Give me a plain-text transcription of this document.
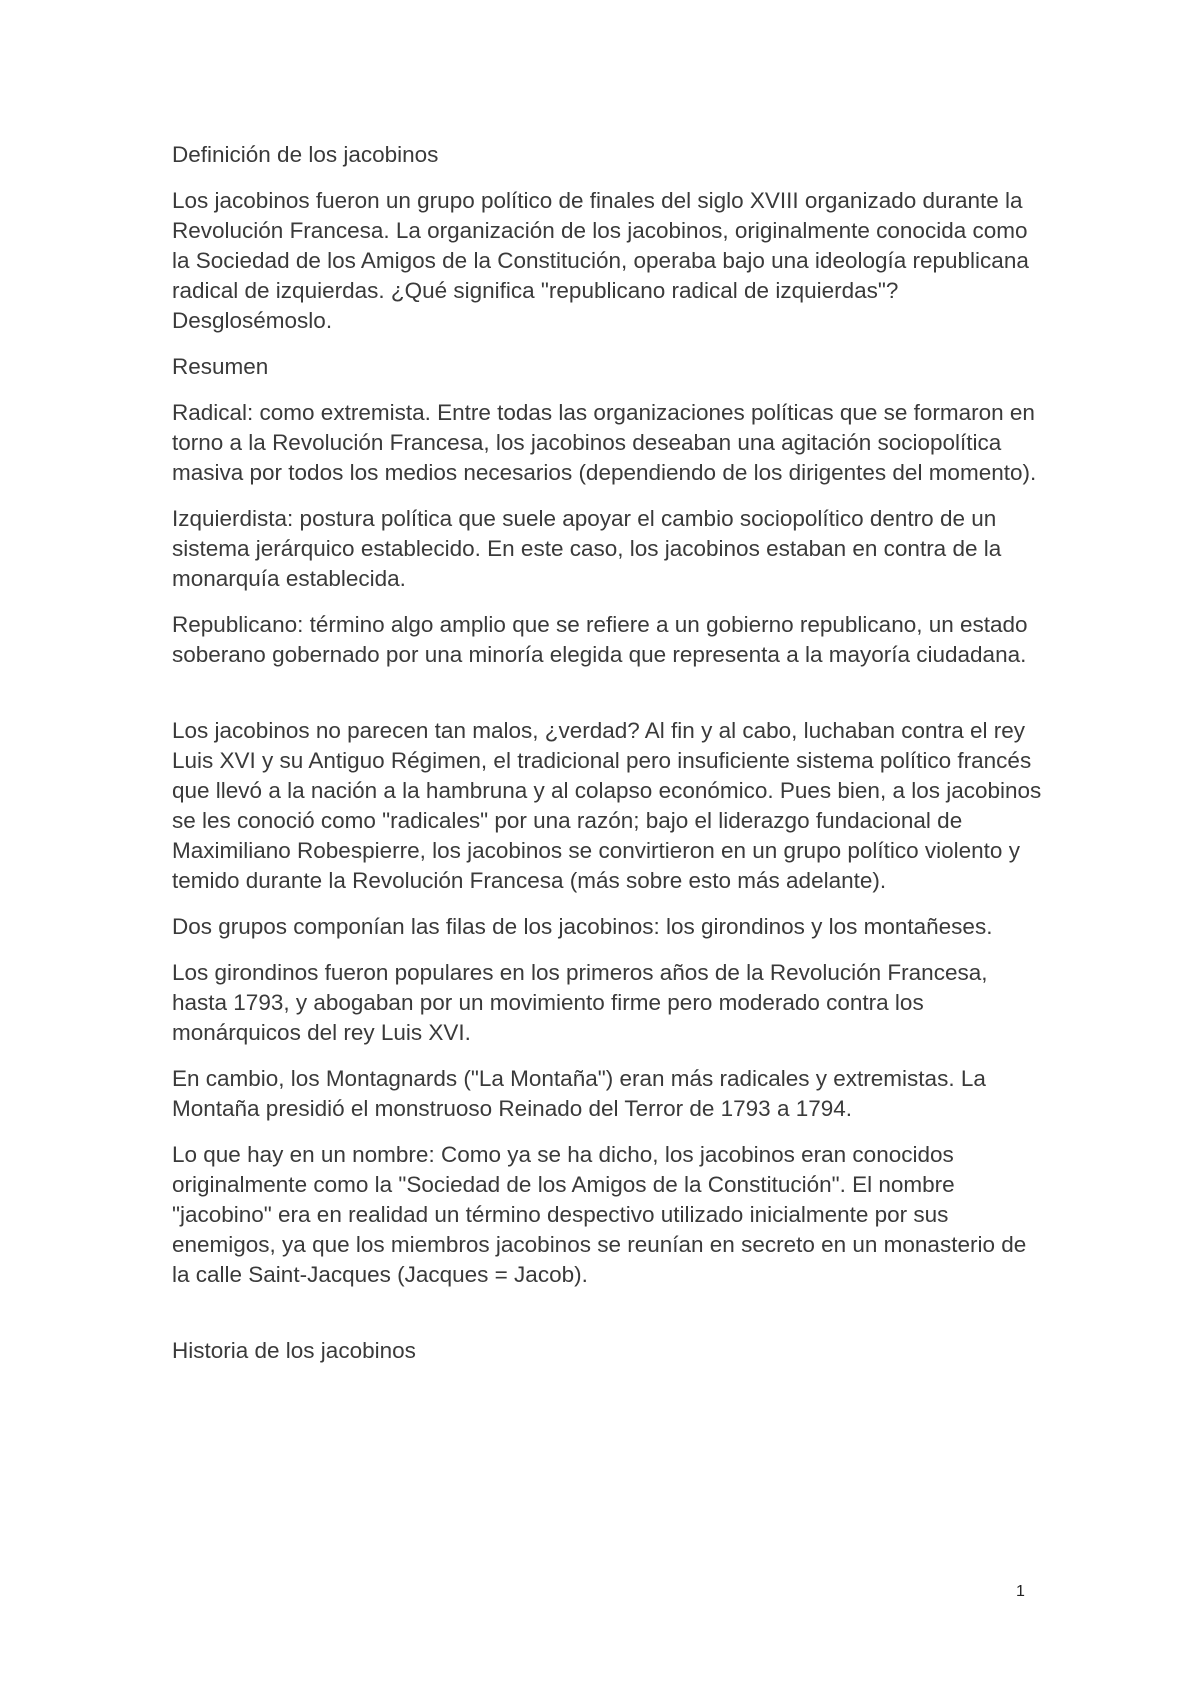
Definición de los jacobinos

Los jacobinos fueron un grupo político de finales del siglo XVIII organizado durante la Revolución Francesa. La organización de los jacobinos, originalmente conocida como la Sociedad de los Amigos de la Constitución, operaba bajo una ideología republicana radical de izquierdas. ¿Qué significa "republicano radical de izquierdas"? Desglosémoslo.

Resumen

Radical: como extremista. Entre todas las organizaciones políticas que se formaron en torno a la Revolución Francesa, los jacobinos deseaban una agitación sociopolítica masiva por todos los medios necesarios (dependiendo de los dirigentes del momento).

Izquierdista: postura política que suele apoyar el cambio sociopolítico dentro de un sistema jerárquico establecido. En este caso, los jacobinos estaban en contra de la monarquía establecida.

Republicano: término algo amplio que se refiere a un gobierno republicano, un estado soberano gobernado por una minoría elegida que representa a la mayoría ciudadana.

Los jacobinos no parecen tan malos, ¿verdad? Al fin y al cabo, luchaban contra el rey Luis XVI y su Antiguo Régimen, el tradicional pero insuficiente sistema político francés que llevó a la nación a la hambruna y al colapso económico. Pues bien, a los jacobinos se les conoció como "radicales" por una razón; bajo el liderazgo fundacional de Maximiliano Robespierre, los jacobinos se convirtieron en un grupo político violento y temido durante la Revolución Francesa (más sobre esto más adelante).

Dos grupos componían las filas de los jacobinos: los girondinos y los montañeses.

Los girondinos fueron populares en los primeros años de la Revolución Francesa, hasta 1793, y abogaban por un movimiento firme pero moderado contra los monárquicos del rey Luis XVI.

En cambio, los Montagnards ("La Montaña") eran más radicales y extremistas. La Montaña presidió el monstruoso Reinado del Terror de 1793 a 1794.

Lo que hay en un nombre: Como ya se ha dicho, los jacobinos eran conocidos originalmente como la "Sociedad de los Amigos de la Constitución". El nombre "jacobino" era en realidad un término despectivo utilizado inicialmente por sus enemigos, ya que los miembros jacobinos se reunían en secreto en un monasterio de la calle Saint-Jacques (Jacques = Jacob).

Historia de los jacobinos

1
